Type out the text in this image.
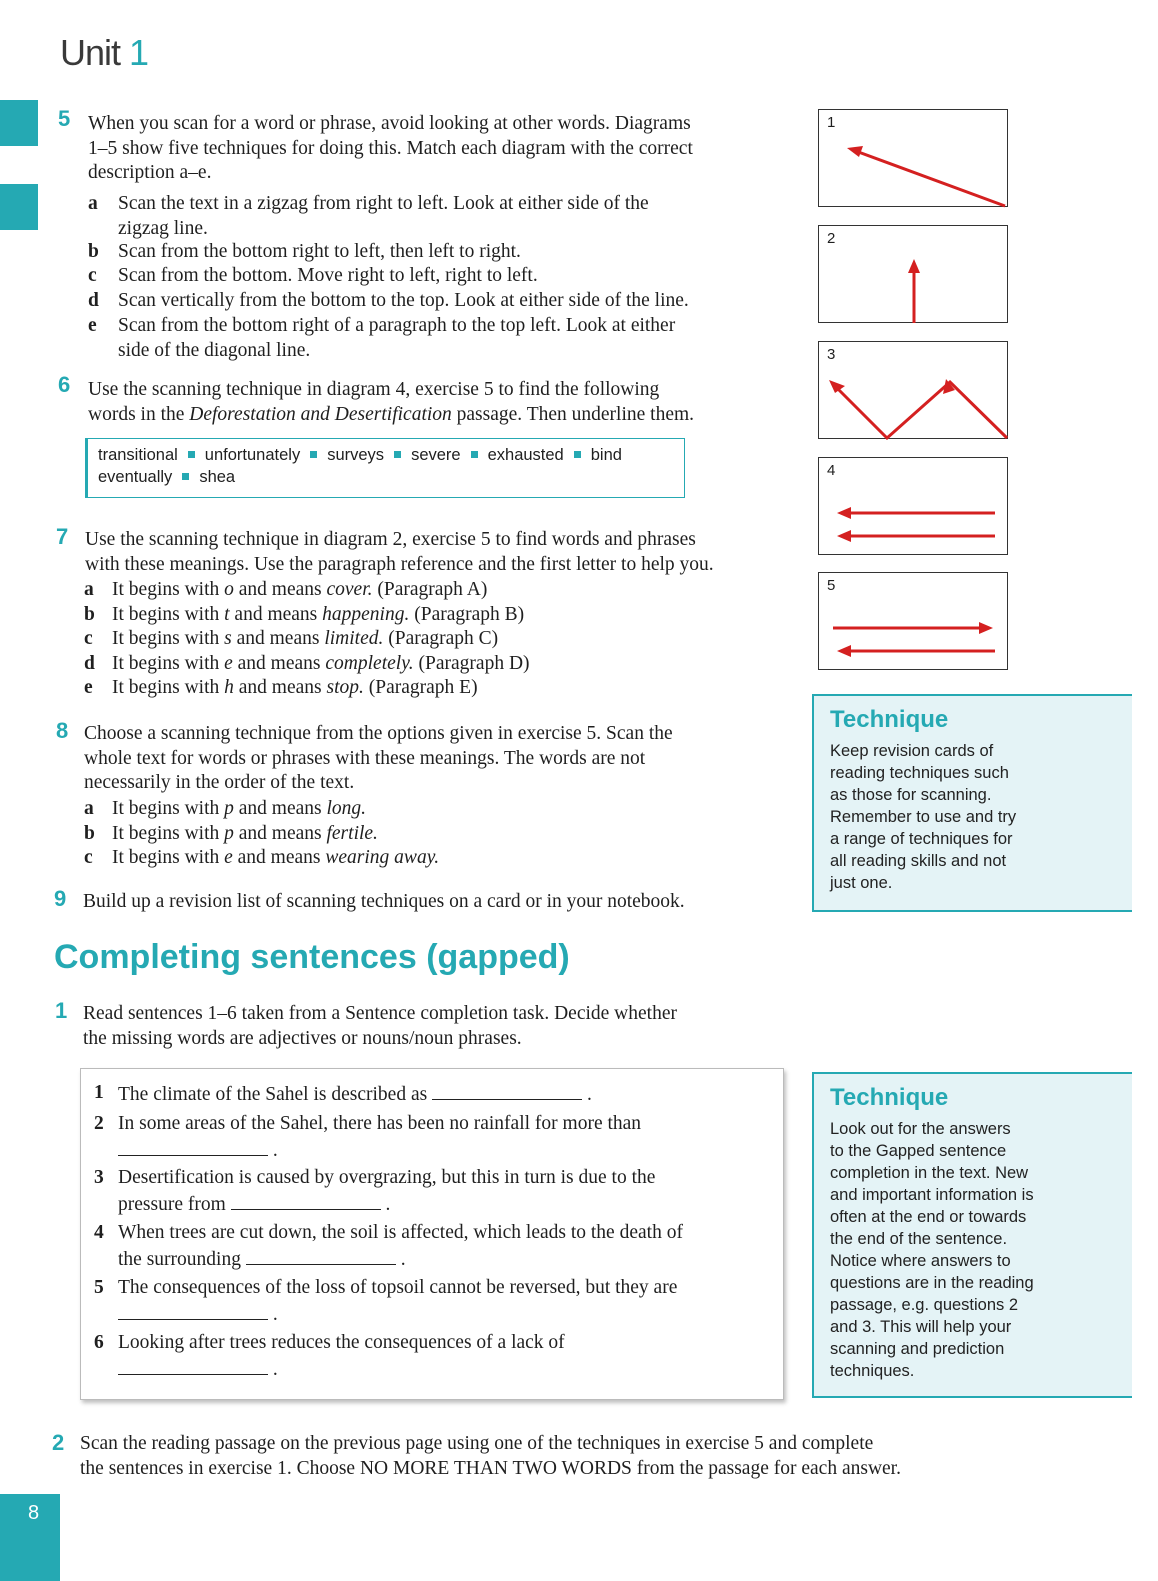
Unit 1
5 When you scan for a word or phrase, avoid looking at other words. Diagrams
1–5 show five techniques for doing this. Match each diagram with the correct
description a–e.
a Scan the text in a zigzag from right to left. Look at either side of the
zigzag line.
b Scan from the bottom right to left, then left to right.
c Scan from the bottom. Move right to left, right to left.
d Scan vertically from the bottom to the top. Look at either side of the line.
e Scan from the bottom right of a paragraph to the top left. Look at either
side of the diagonal line.
6 Use the scanning technique in diagram 4, exercise 5 to find the following
words in the Deforestation and Desertification passage. Then underline them.
transitional unfortunately surveys severe exhausted bind
eventually shea
7 Use the scanning technique in diagram 2, exercise 5 to find words and phrases
with these meanings. Use the paragraph reference and the first letter to help you.
a It begins with o and means cover. (Paragraph A)
b It begins with t and means happening. (Paragraph B)
c It begins with s and means limited. (Paragraph C)
d It begins with e and means completely. (Paragraph D)
e It begins with h and means stop. (Paragraph E)
8 Choose a scanning technique from the options given in exercise 5. Scan the
whole text for words or phrases with these meanings. The words are not
necessarily in the order of the text.
a It begins with p and means long.
b It begins with p and means fertile.
c It begins with e and means wearing away.
9 Build up a revision list of scanning techniques on a card or in your notebook.
1
2
3
4
5
Technique
Keep revision cards of
reading techniques such
as those for scanning.
Remember to use and try
a range of techniques for
all reading skills and not
just one.
Completing sentences (gapped)
1 Read sentences 1–6 taken from a Sentence completion task. Decide whether
the missing words are adjectives or nouns/noun phrases.
1 The climate of the Sahel is described as	.
2 In some areas of the Sahel, there has been no rainfall for more than
.
3 Desertification is caused by overgrazing, but this in turn is due to the
pressure from	.
4 When trees are cut down, the soil is affected, which leads to the death of
the surrounding	.
5 The consequences of the loss of topsoil cannot be reversed, but they are
.
6 Looking after trees reduces the consequences of a lack of
.
Technique
Look out for the answers
to the Gapped sentence
completion in the text. New
and important information is
often at the end or towards
the end of the sentence.
Notice where answers to
questions are in the reading
passage, e.g. questions 2
and 3. This will help your
scanning and prediction
techniques.
2 Scan the reading passage on the previous page using one of the techniques in exercise 5 and complete
the sentences in exercise 1. Choose NO MORE THAN TWO WORDS from the passage for each answer.
8
